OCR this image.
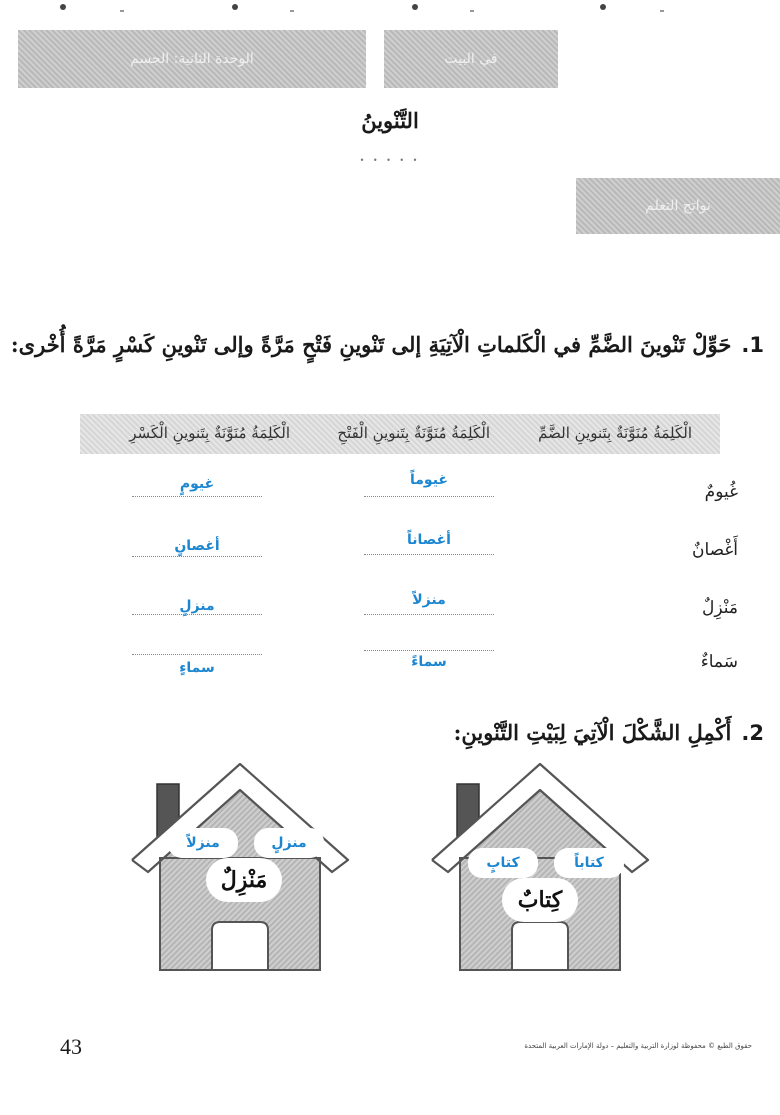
الوحدة الثانية: الجسم	في البيت
التَّنْوينُ
• • • • •
نواتج التعلم
1.حَوِّلْ تَنْوينَ الضَّمِّ في الْكَلماتِ الْآتِيَةِ إلى تَنْوينِ فَتْحٍ مَرَّةً وإلى تَنْوينِ كَسْرٍ مَرَّةً أُخْرى:
الْكَلِمَةُ مُنَوَّنَةٌ بِتَنوينِ الضَّمِّ
الْكَلِمَةُ مُنَوَّنَةٌ بِتَنوينِ الْفَتْحِ
الْكَلِمَةُ مُنَوَّنَةٌ بِتَنوينِ الْكَسْرِ
غُيومٌ
غيوماً
غيومٍ
أَغْصانٌ
أغصاناً
أغصانٍ
مَنْزِلٌ
منزلاً
منزلٍ
سَماءٌ
سماءً
سماءٍ
2.أَكْمِلِ الشَّكْلَ الْآتِيَ لِبَيْتِ التَّنْوينِ:
كتاباً
كتابٍ
كِتابٌ
منزلٍ
منزلاً
مَنْزِلٌ
43	حقوق الطبع © محفوظة لوزارة التربية والتعليم – دولة الإمارات العربية المتحدة
